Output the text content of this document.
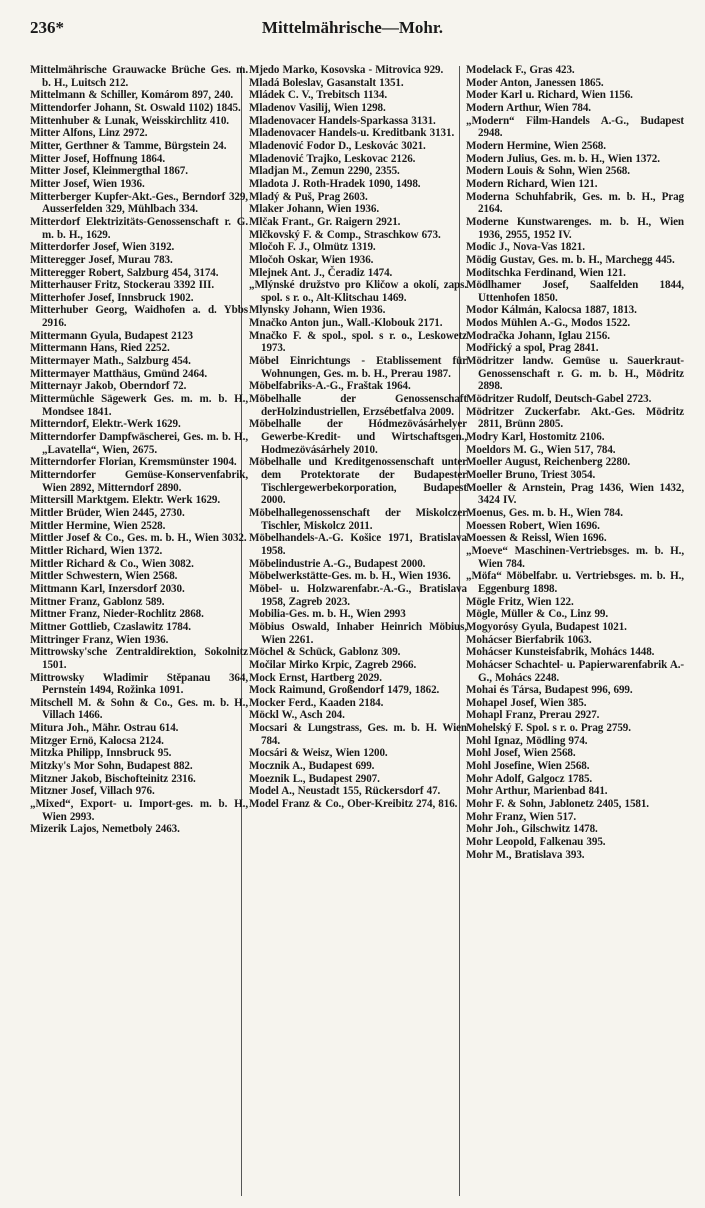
236*	Mittelmährische—Mohr.

Mittelmährische Grauwacke Brüche Ges. m. b. H., Luitsch 212.

Mittelmann & Schiller, Komárom 897, 240.

Mittendorfer Johann, St. Oswald 1102) 1845.

Mittenhuber & Lunak, Weisskirchlitz 410.

Mitter Alfons, Linz 2972.

Mitter, Gerthner & Tamme, Bürgstein 24.

Mitter Josef, Hoffnung 1864.

Mitter Josef, Kleinmergthal 1867.

Mitter Josef, Wien 1936.

Mitterberger Kupfer-Akt.-Ges., Berndorf 329, Ausserfelden 329, Mühlbach 334.

Mitterdorf Elektrizitäts-Genossenschaft r. G. m. b. H., 1629.

Mitterdorfer Josef, Wien 3192.

Mitteregger Josef, Murau 783.

Mitteregger Robert, Salzburg 454, 3174.

Mitterhauser Fritz, Stockerau 3392 III.

Mitterhofer Josef, Innsbruck 1902.

Mitterhuber Georg, Waidhofen a. d. Ybbs 2916.

Mittermann Gyula, Budapest 2123

Mittermann Hans, Ried 2252.

Mittermayer Math., Salzburg 454.

Mittermayer Matthäus, Gmünd 2464.

Mitternayr Jakob, Oberndorf 72.

Mittermüchle Sägewerk Ges. m. m. b. H., Mondsee 1841.

Mitterndorf, Elektr.-Werk 1629.

Mitterndorfer Dampfwäscherei, Ges. m. b. H., „Lavatella“, Wien, 2675.

Mitterndorfer Florian, Kremsmünster 1904.

Mitterndorfer Gemüse-Konservenfabrik, Wien 2892, Mitterndorf 2890.

Mittersill Marktgem. Elektr. Werk 1629.

Mittler Brüder, Wien 2445, 2730.

Mittler Hermine, Wien 2528.

Mittler Josef & Co., Ges. m. b. H., Wien 3032.

Mittler Richard, Wien 1372.

Mittler Richard & Co., Wien 3082.

Mittler Schwestern, Wien 2568.

Mittmann Karl, Inzersdorf 2030.

Mittner Franz, Gablonz 589.

Mittner Franz, Nieder-Rochlitz 2868.

Mittner Gottlieb, Czaslawitz 1784.

Mittringer Franz, Wien 1936.

Mittrowsky'sche Zentraldirektion, Sokolnitz 1501.

Mittrowsky Wladimir Stěpanau 364, Pernstein 1494, Rožinka 1091.

Mitschell M. & Sohn & Co., Ges. m. b. H., Villach 1466.

Mitura Joh., Mähr. Ostrau 614.

Mitzger Ernö, Kalocsa 2124.

Mitzka Philipp, Innsbruck 95.

Mitzky's Mor Sohn, Budapest 882.

Mitzner Jakob, Bischofteinitz 2316.

Mitzner Josef, Villach 976.

„Mixed“, Export- u. Import-ges. m. b. H., Wien 2993.

Mizerik Lajos, Nemetboly 2463.

Mjedo Marko, Kosovska - Mitrovica 929.

Mladá Boleslav, Gasanstalt 1351.

Mládek C. V., Trebitsch 1134.

Mladenov Vasilij, Wien 1298.

Mladenovacer Handels-Sparkassa 3131.

Mladenovacer Handels-u. Kreditbank 3131.

Mladenović Fodor D., Leskovác 3021.

Mladenović Trajko, Leskovac 2126.

Mladjan M., Zemun 2290, 2355.

Mladota J. Roth-Hradek 1090, 1498.

Mladý & Puš, Prag 2603.

Mlaker Johann, Wien 1936.

Mlčak Frant., Gr. Raigern 2921.

Mlčkovský F. & Comp., Straschkow 673.

Mločoh F. J., Olmütz 1319.

Mločoh Oskar, Wien 1936.

Mlejnek Ant. J., Čeradiz 1474.

„Mlýnské družstvo pro Kličow a okolí, zaps. spol. s r. o., Alt-Klitschau 1469.

Mlynsky Johann, Wien 1936.

Mnačko Anton jun., Wall.-Klobouk 2171.

Mnačko F. & spol., spol. s r. o., Leskowetz 1973.

Möbel Einrichtungs - Etablissement für Wohnungen, Ges. m. b. H., Prerau 1987.

Möbelfabriks-A.-G., Fraštak 1964.

Möbelhalle der Genossenschaft derHolzindustriellen, Erzsébetfalva 2009.

Möbelhalle der Hódmezövásárhelyer Gewerbe-Kredit- und Wirtschaftsgen., Hodmezövásárhely 2010.

Möbelhalle und Kreditgenossenschaft unter dem Protektorate der Budapester Tischlergewerbekorporation, Budapest 2000.

Möbelhallegenossenschaft der Miskolczer Tischler, Miskolcz 2011.

Möbelhandels-A.-G. Košice 1971, Bratislava 1958.

Möbelindustrie A.-G., Budapest 2000.

Möbelwerkstätte-Ges. m. b. H., Wien 1936.

Möbel- u. Holzwarenfabr.-A.-G., Bratislava 1958, Zagreb 2023.

Mobilia-Ges. m. b. H., Wien 2993

Möbius Oswald, Inhaber Heinrich Möbius, Wien 2261.

Möchel & Schück, Gablonz 309.

Močilar Mirko Krpic, Zagreb 2966.

Mock Ernst, Hartberg 2029.

Mock Raimund, Großendorf 1479, 1862.

Mocker Ferd., Kaaden 2184.

Möckl W., Asch 204.

Mocsari & Lungstrass, Ges. m. b. H. Wien 784.

Mocsári & Weisz, Wien 1200.

Mocznik A., Budapest 699.

Moeznik L., Budapest 2907.

Model A., Neustadt 155, Rückersdorf 47.

Model Franz & Co., Ober-Kreibitz 274, 816.

Modelack F., Gras 423.

Moder Anton, Janessen 1865.

Moder Karl u. Richard, Wien 1156.

Modern Arthur, Wien 784.

„Modern“ Film-Handels A.-G., Budapest 2948.

Modern Hermine, Wien 2568.

Modern Julius, Ges. m. b. H., Wien 1372.

Modern Louis & Sohn, Wien 2568.

Modern Richard, Wien 121.

Moderna Schuhfabrik, Ges. m. b. H., Prag 2164.

Moderne Kunstwarenges. m. b. H., Wien 1936, 2955, 1952 IV.

Modic J., Nova-Vas 1821.

Mödig Gustav, Ges. m. b. H., Marchegg 445.

Moditschka Ferdinand, Wien 121.

Mödlhamer Josef, Saalfelden 1844, Uttenhofen 1850.

Modor Kálmán, Kalocsa 1887, 1813.

Modos Mühlen A.-G., Modos 1522.

Modračka Johann, Iglau 2156.

Modřický a spol, Prag 2841.

Mödritzer landw. Gemüse u. Sauerkraut-Genossenschaft r. G. m. b. H., Mödritz 2898.

Mödritzer Rudolf, Deutsch-Gabel 2723.

Mödritzer Zuckerfabr. Akt.-Ges. Mödritz 2811, Brünn 2805.

Modry Karl, Hostomitz 2106.

Moeldors M. G., Wien 517, 784.

Moeller August, Reichenberg 2280.

Moeller Bruno, Triest 3054.

Moeller & Arnstein, Prag 1436, Wien 1432, 3424 IV.

Moenus, Ges. m. b. H., Wien 784.

Moessen Robert, Wien 1696.

Moessen & Reissl, Wien 1696.

„Moeve“ Maschinen-Vertriebsges. m. b. H., Wien 784.

„Möfa“ Möbelfabr. u. Vertriebsges. m. b. H., Eggenburg 1898.

Mögle Fritz, Wien 122.

Mögle, Müller & Co., Linz 99.

Mogyorósy Gyula, Budapest 1021.

Mohácser Bierfabrik 1063.

Mohácser Kunsteisfabrik, Mohács 1448.

Mohácser Schachtel- u. Papierwarenfabrik A.-G., Mohács 2248.

Mohai és Társa, Budapest 996, 699.

Mohapel Josef, Wien 385.

Mohapl Franz, Prerau 2927.

Mohelský F. Spol. s r. o. Prag 2759.

Mohl Ignaz, Mödling 974.

Mohl Josef, Wien 2568.

Mohl Josefine, Wien 2568.

Mohr Adolf, Galgocz 1785.

Mohr Arthur, Marienbad 841.

Mohr F. & Sohn, Jablonetz 2405, 1581.

Mohr Franz, Wien 517.

Mohr Joh., Gilschwitz 1478.

Mohr Leopold, Falkenau 395.

Mohr M., Bratislava 393.
